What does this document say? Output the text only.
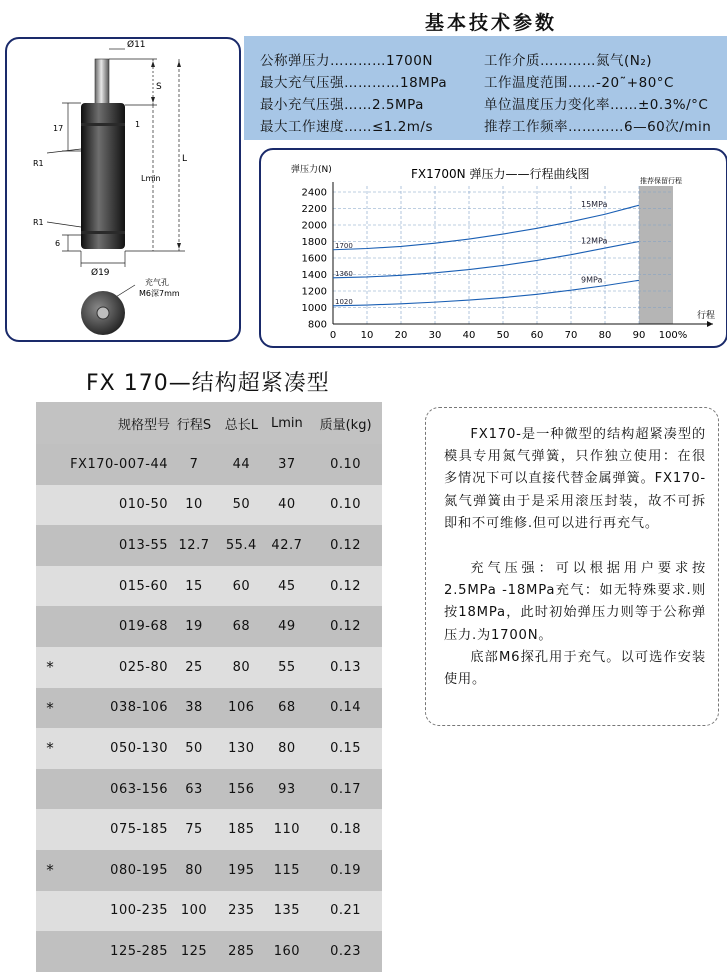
基本技术参数
公称弹压力…………1700N	工作介质…………氮气(N₂)
最大充气压强…………18MPa	工作温度范围……-20˜+80°C
最小充气压强……2.5MPa	单位温度压力变化率……±0.3%/°C
最大工作速度……≤1.2m/s	推荐工作频率…………6—60次/min
Ø11
S
L
Lmin
17	1
R1
R1
6
Ø19
充气孔
M6深7mm
弹压力(N)	FX1700N 弹压力——行程曲线图	推荐保留行程
行程
800
1000
1200
1400
1600
1800
2000
2200
2400
0 10 20 30 40 50 60 70 80 90 100%
15MPa
1700
12MPa
1360
9MPa
1020
FX 170—结构超紧凑型
	规格型号	行程S	总长L	Lmin	质量(kg)
	FX170-007-44	7	44	37	0.10
	010-50	10	50	40	0.10
	013-55	12.7	55.4	42.7	0.12
	015-60	15	60	45	0.12
	019-68	19	68	49	0.12
*	025-80	25	80	55	0.13
*	038-106	38	106	68	0.14
*	050-130	50	130	80	0.15
	063-156	63	156	93	0.17
	075-185	75	185	110	0.18
*	080-195	80	195	115	0.19
	100-235	100	235	135	0.21
	125-285	125	285	160	0.23

FX170-是一种微型的结构超紧凑型的模具专用氮气弹簧，只作独立使用：在很多情况下可以直接代替金属弹簧。FX170-氮气弹簧由于是采用滚压封装，故不可拆即和不可维修.但可以进行再充气。

充气压强：可以根据用户要求按2.5MPa -18MPa充气：如无特殊要求.则按18MPa，此时初始弹压力则等于公称弹压力.为1700N。

底部M6探孔用于充气。以可选作安装使用。
